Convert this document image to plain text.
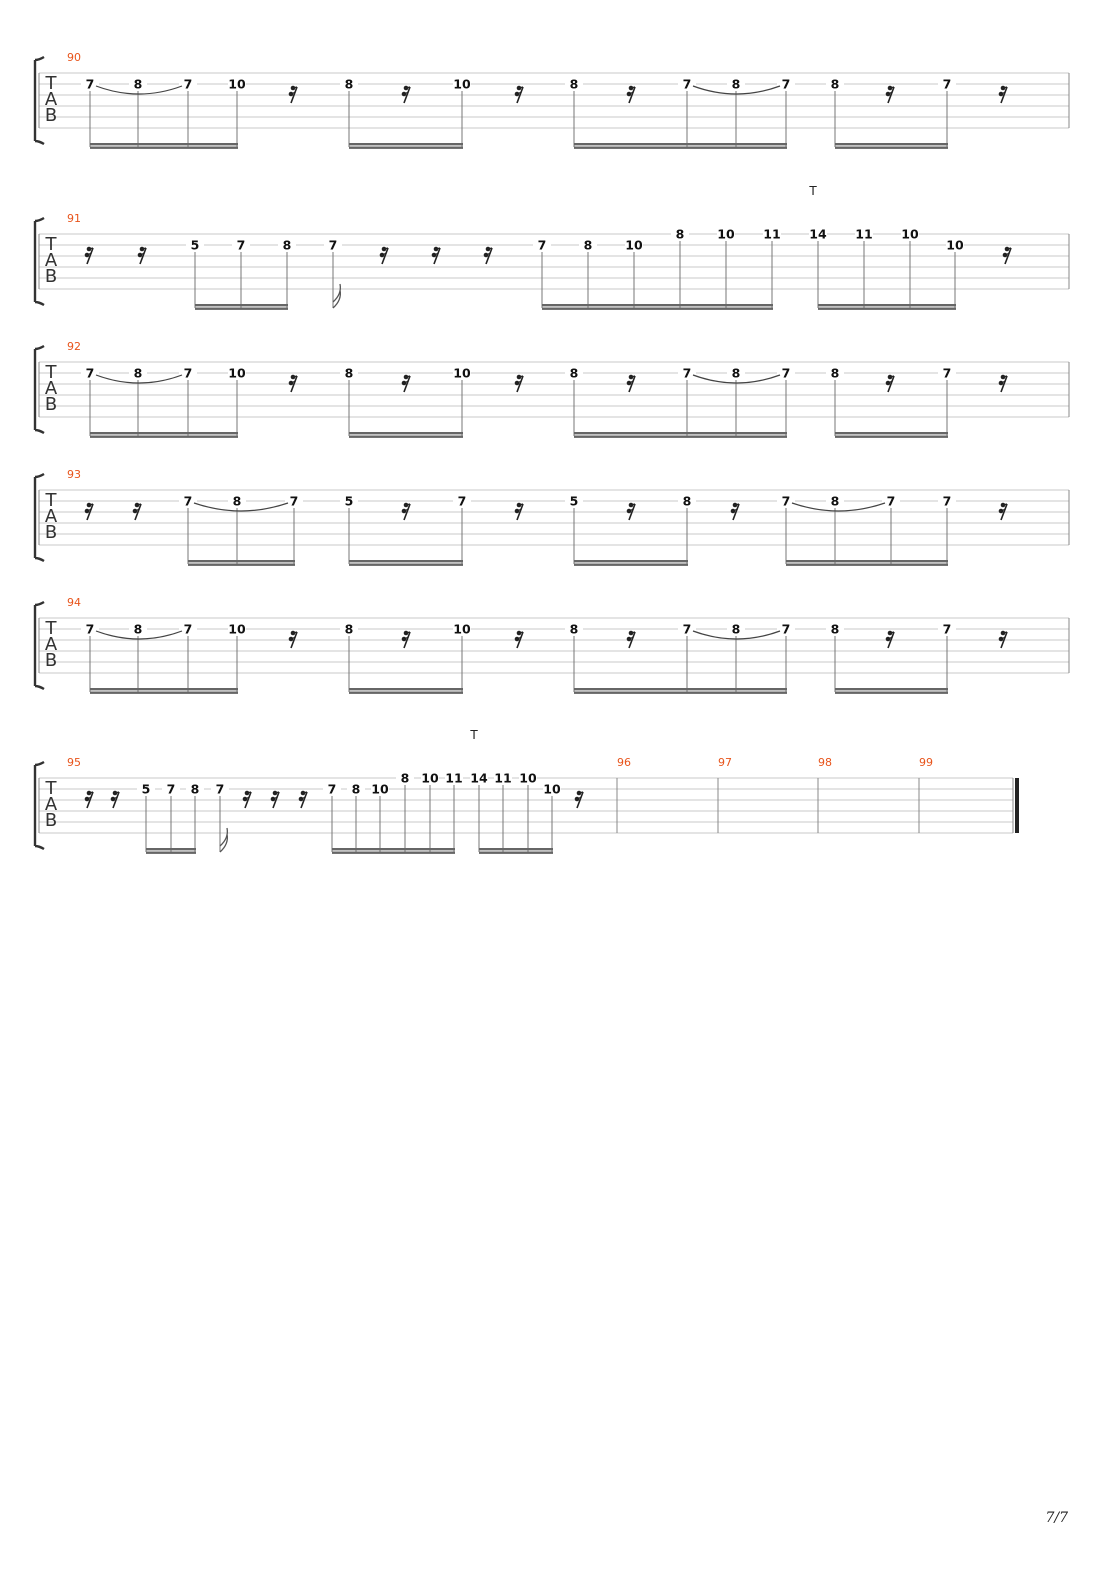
T
A
B
90
7	8	7	10	8	10	8	7	8	7	8	7
T
A
B
91
5	7	8	7	7	8	10
8	10 11 14 11 10
10
T
T
A
B
92
7	8	7	10	8	10	8	7	8	7	8	7
T
A
B
93
7	8	7	5	7	5	8	7	8	7	7
T
A
B
94
7	8	7	10	8	10	8	7	8	7	8	7
T
A
B
95	96	97	98	99
5 7 8 7	7 8 10
8 10 11 14 11 10
10
T
7/7
